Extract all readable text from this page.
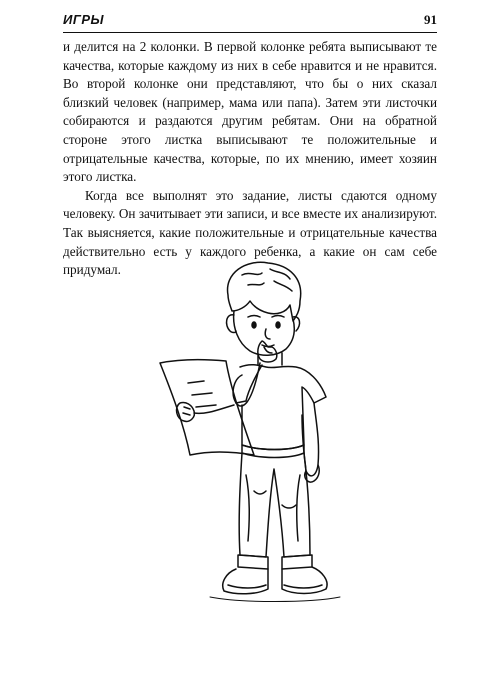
ИГРЫ	91

и делится на 2 колонки. В первой колонке ребята выписывают те качества, которые каждому из них в себе нравится и не нравится. Во второй колонке они представляют, что бы о них сказал близкий человек (например, мама или папа). Затем эти листочки собираются и раздаются другим ребятам. Они на обратной стороне этого листка выписывают те положительные и отрицательные качества, которые, по их мнению, имеет хозяин этого листка.

Когда все выполнят это задание, листы сдаются одному человеку. Он зачитывает эти записи, и все вместе их анализируют. Так выясняется, какие положительные и отрицательные качества действительно есть у каждого ребенка, а какие он сам себе придумал.
